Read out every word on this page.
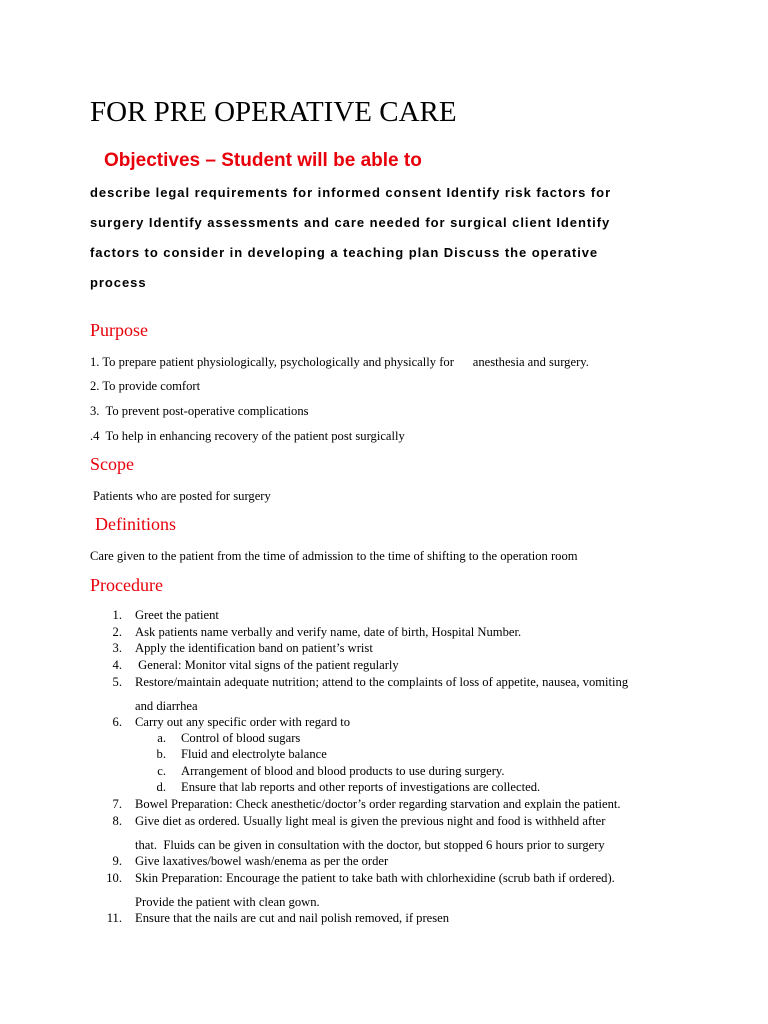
FOR PRE OPERATIVE CARE
Objectives – Student will be able to
describe legal requirements for informed consent Identify risk factors for
surgery Identify assessments and care needed for surgical client Identify
factors to consider in developing a teaching plan Discuss the operative
process
Purpose
1. To prepare patient physiologically, psychologically and physically for      anesthesia and surgery.
2. To provide comfort
3.  To prevent post-operative complications
.4  To help in enhancing recovery of the patient post surgically
Scope
Patients who are posted for surgery
Definitions
Care given to the patient from the time of admission to the time of shifting to the operation room
Procedure
1. Greet the patient
2. Ask patients name verbally and verify name, date of birth, Hospital Number.
3. Apply the identification band on patient’s wrist
4. General: Monitor vital signs of the patient regularly
5. Restore/maintain adequate nutrition; attend to the complaints of loss of appetite, nausea, vomiting
and diarrhea
6. Carry out any specific order with regard to
a. Control of blood sugars
b. Fluid and electrolyte balance
c. Arrangement of blood and blood products to use during surgery.
d. Ensure that lab reports and other reports of investigations are collected.
7. Bowel Preparation: Check anesthetic/doctor’s order regarding starvation and explain the patient.
8. Give diet as ordered. Usually light meal is given the previous night and food is withheld after
that.  Fluids can be given in consultation with the doctor, but stopped 6 hours prior to surgery
9. Give laxatives/bowel wash/enema as per the order
10. Skin Preparation: Encourage the patient to take bath with chlorhexidine (scrub bath if ordered).
Provide the patient with clean gown.
11. Ensure that the nails are cut and nail polish removed, if presen
